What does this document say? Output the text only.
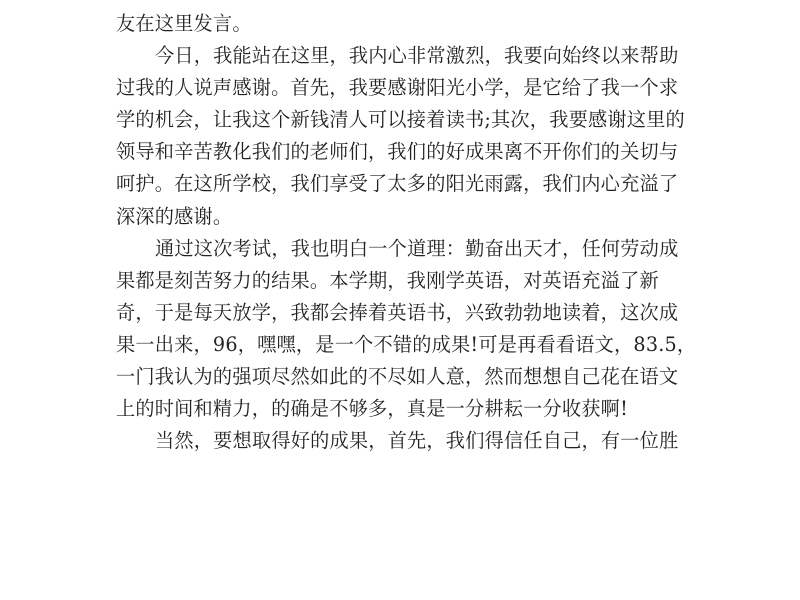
友在这里发言。
今日，我能站在这里，我内心非常激烈，我要向始终以来帮助
过我的人说声感谢。首先，我要感谢阳光小学，是它给了我一个求
学的机会，让我这个新钱清人可以接着读书;其次，我要感谢这里的
领导和辛苦教化我们的老师们，我们的好成果离不开你们的关切与
呵护。在这所学校，我们享受了太多的阳光雨露，我们内心充溢了
深深的感谢。
通过这次考试，我也明白一个道理：勤奋出天才，任何劳动成
果都是刻苦努力的结果。本学期，我刚学英语，对英语充溢了新
奇，于是每天放学，我都会捧着英语书，兴致勃勃地读着，这次成
果一出来，96，嘿嘿，是一个不错的成果!可是再看看语文，83.5，
一门我认为的强项尽然如此的不尽如人意，然而想想自己花在语文
上的时间和精力，的确是不够多，真是一分耕耘一分收获啊!
当然，要想取得好的成果，首先，我们得信任自己，有一位胜
